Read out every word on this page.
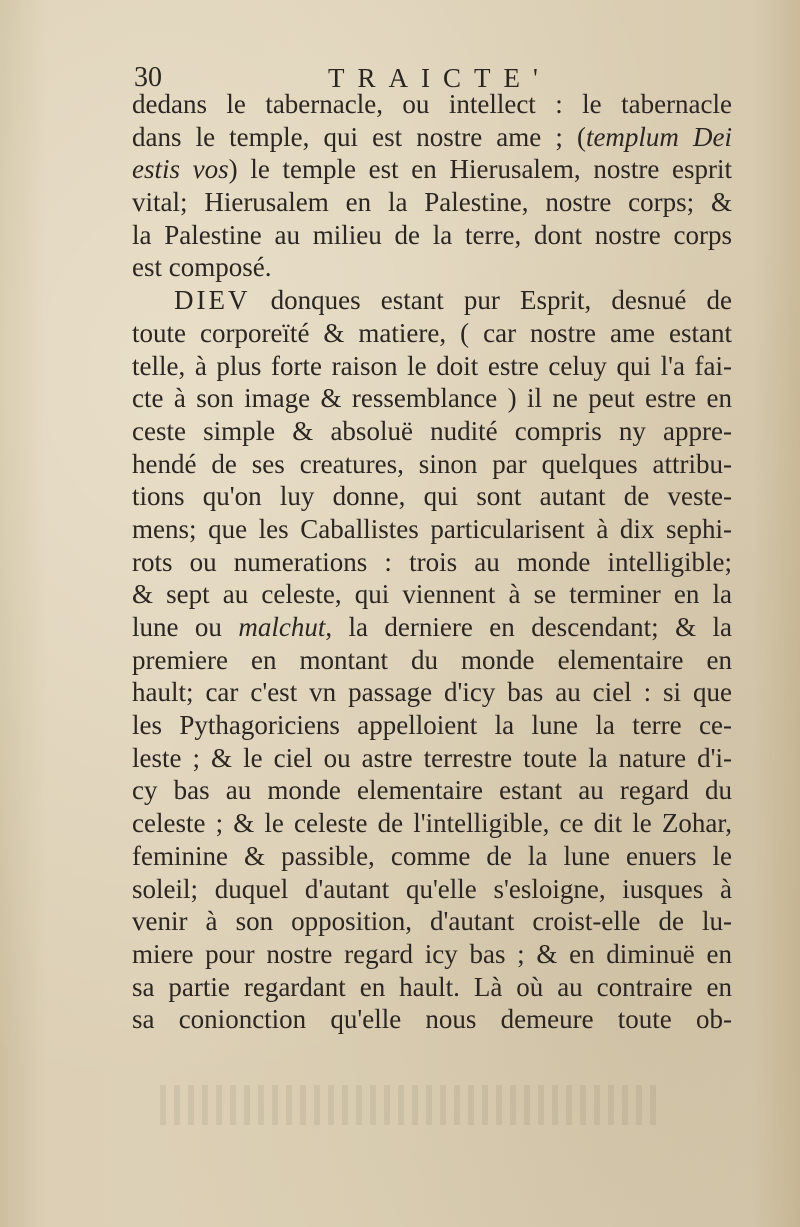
30	TRAICTE'
dedans le tabernacle, ou intellect : le tabernacle
dans le temple, qui est nostre ame ; (templum Dei
estis vos) le temple est en Hierusalem, nostre esprit
vital; Hierusalem en la Palestine, nostre corps; &
la Palestine au milieu de la terre, dont nostre corps
est composé.
DIEV donques estant pur Esprit, desnué de
toute corporeïté & matiere, ( car nostre ame estant
telle, à plus forte raison le doit estre celuy qui l'a fai-
cte à son image & ressemblance ) il ne peut estre en
ceste simple & absoluë nudité compris ny appre-
hendé de ses creatures, sinon par quelques attribu-
tions qu'on luy donne, qui sont autant de veste-
mens; que les Caballistes particularisent à dix sephi-
rots ou numerations : trois au monde intelligible;
& sept au celeste, qui viennent à se terminer en la
lune ou malchut, la derniere en descendant; & la
premiere en montant du monde elementaire en
hault; car c'est vn passage d'icy bas au ciel : si que
les Pythagoriciens appelloient la lune la terre ce-
leste ; & le ciel ou astre terrestre toute la nature d'i-
cy bas au monde elementaire estant au regard du
celeste ; & le celeste de l'intelligible, ce dit le Zohar,
feminine & passible, comme de la lune enuers le
soleil; duquel d'autant qu'elle s'esloigne, iusques à
venir à son opposition, d'autant croist-elle de lu-
miere pour nostre regard icy bas ; & en diminuë en
sa partie regardant en hault. Là où au contraire en
sa conionction qu'elle nous demeure toute ob-
